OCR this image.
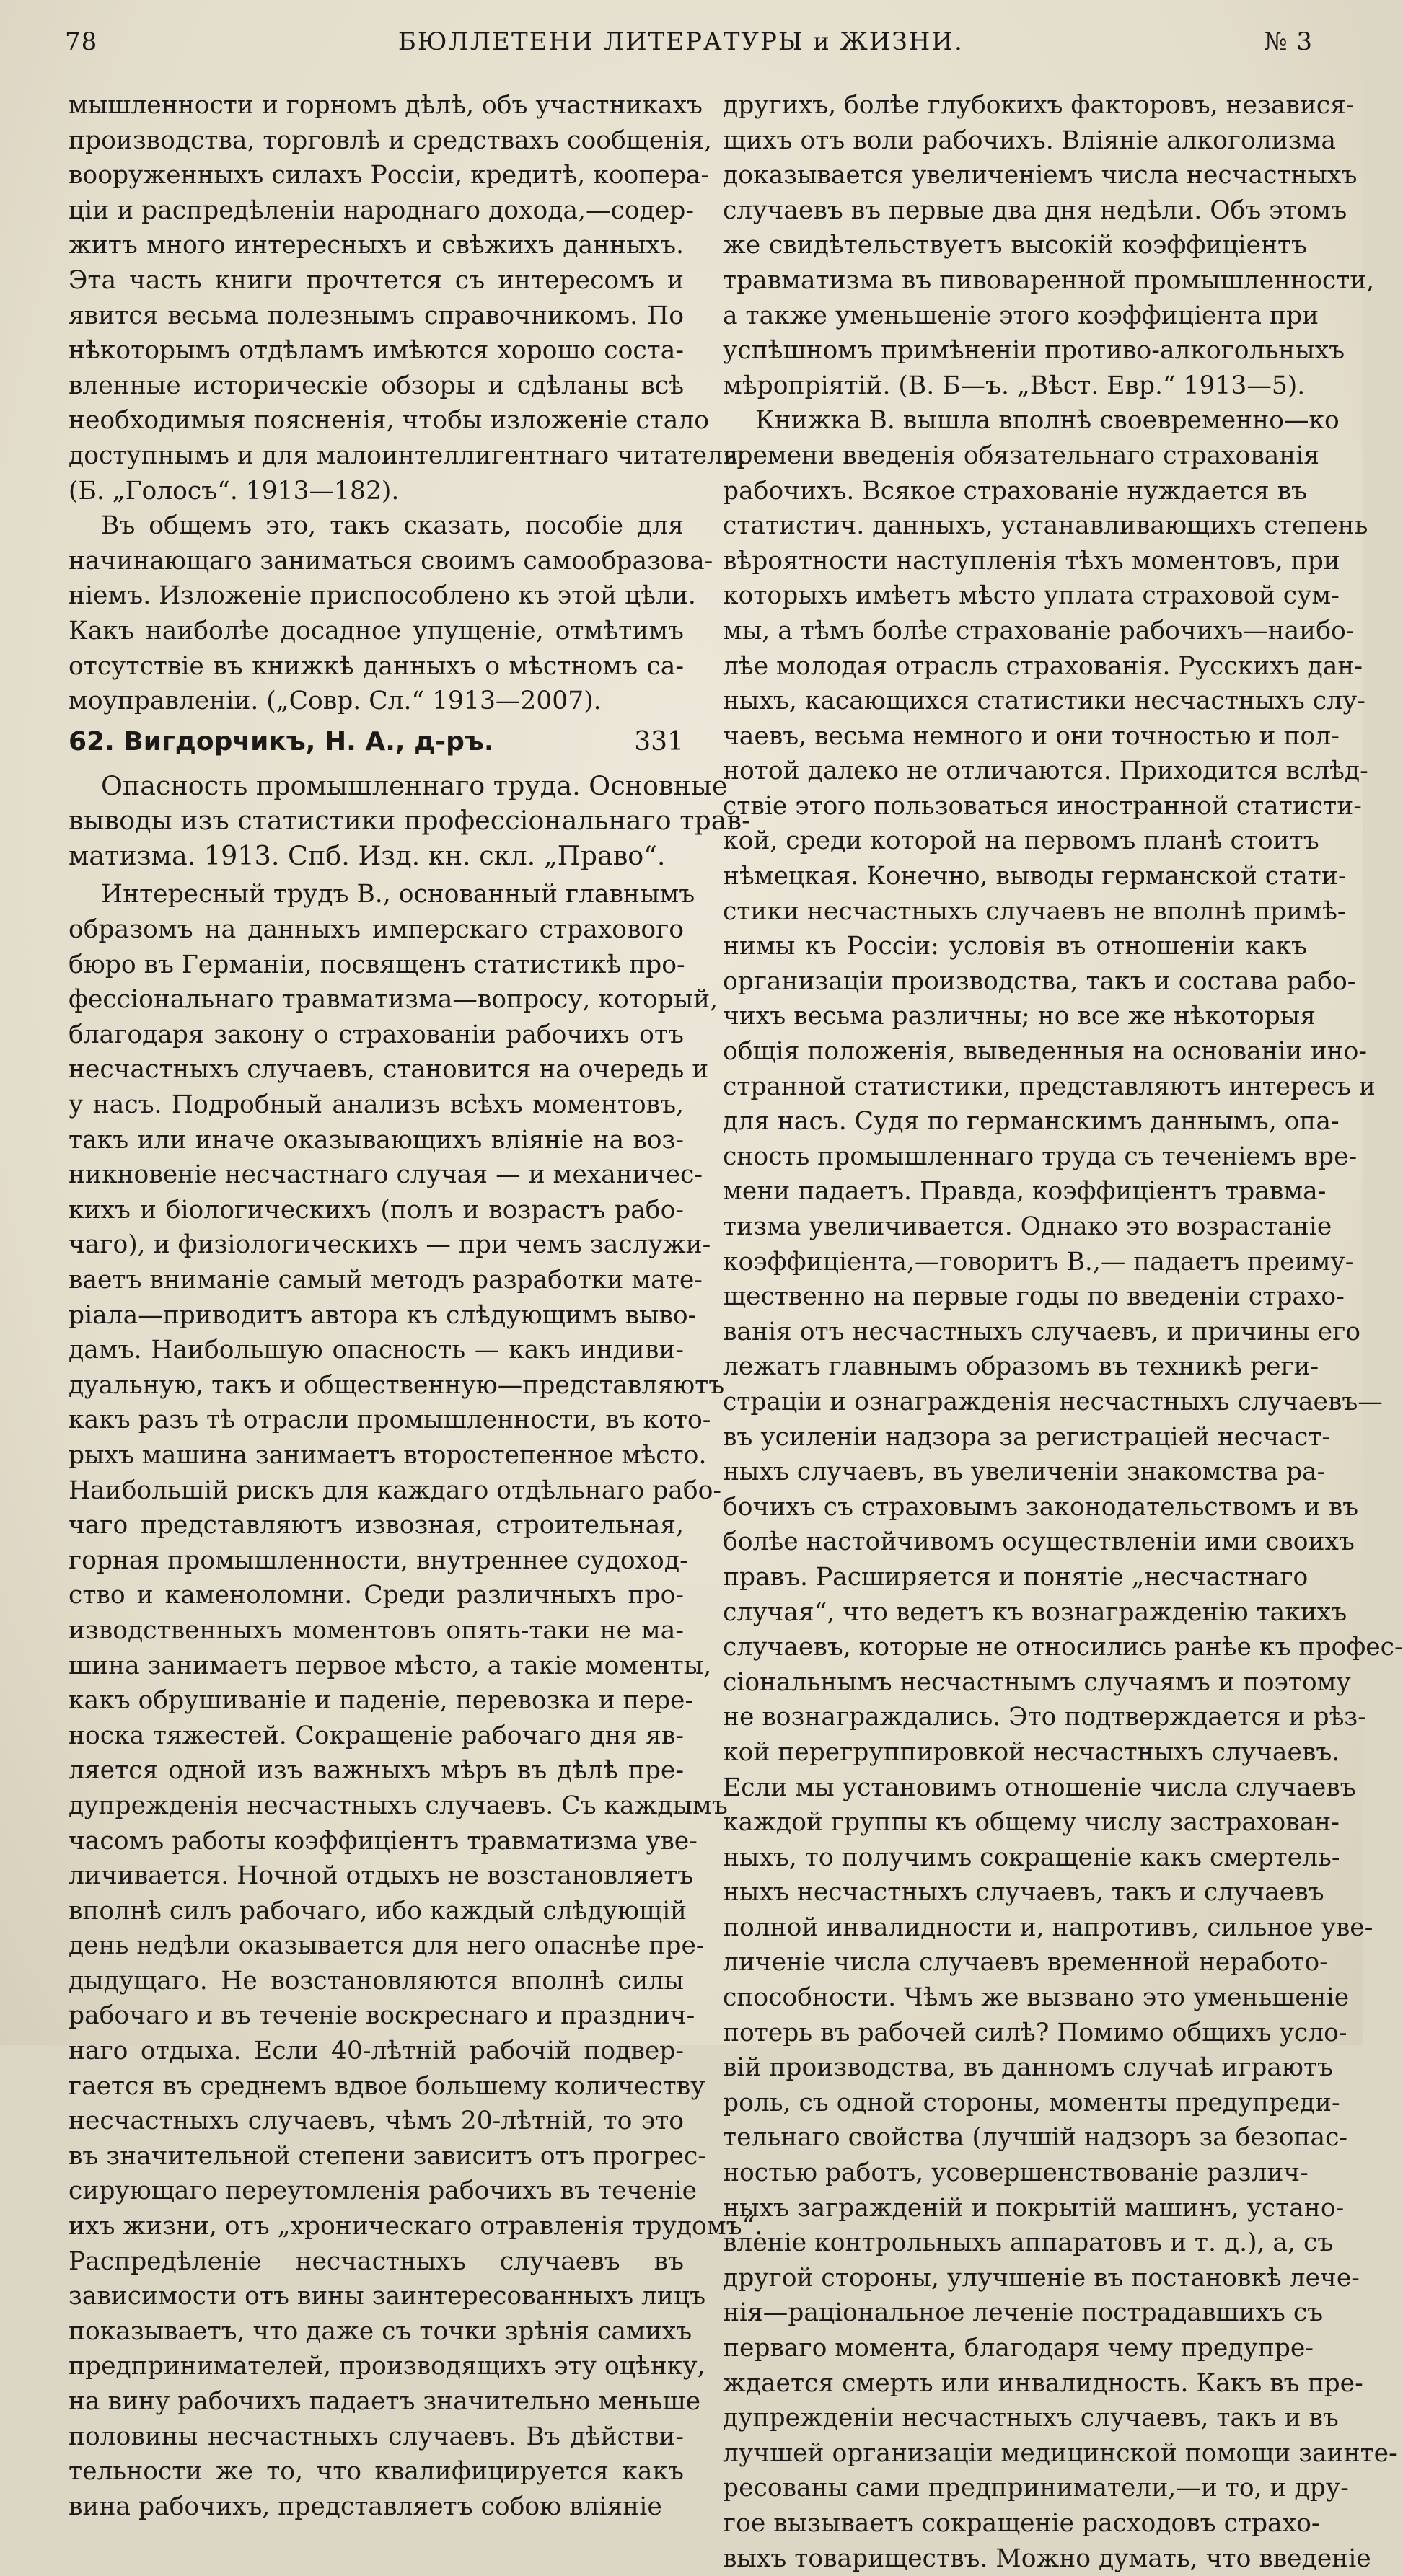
78	БЮЛЛЕТЕНИ ЛИТЕРАТУРЫ и ЖИЗНИ.	№ 3
мышленности и горномъ дѣлѣ, объ участникахъ
производства, торговлѣ и средствахъ сообщенія,
вооруженныхъ силахъ Россіи, кредитѣ, коопера-
ціи и распредѣленіи народнаго дохода,—содер-
житъ много интересныхъ и свѣжихъ данныхъ.
Эта часть книги прочтется съ интересомъ и
явится весьма полезнымъ справочникомъ. По
нѣкоторымъ отдѣламъ имѣются хорошо соста-
вленные историческіе обзоры и сдѣланы всѣ
необходимыя поясненія, чтобы изложеніе стало
доступнымъ и для малоинтеллигентнаго читателя.
(Б. „Голосъ“. 1913—182).
Въ общемъ это, такъ сказать, пособіе для
начинающаго заниматься своимъ самообразова-
ніемъ. Изложеніе приспособлено къ этой цѣли.
Какъ наиболѣе досадное упущеніе, отмѣтимъ
отсутствіе въ книжкѣ данныхъ о мѣстномъ са-
моуправленіи. („Совр. Сл.“ 1913—2007).
62. Вигдорчикъ, Н. А., д-ръ.	331
Опасность промышленнаго труда. Основные
выводы изъ статистики профессіональнаго трав-
матизма. 1913. Спб. Изд. кн. скл. „Право“.
Интересный трудъ В., основанный главнымъ
образомъ на данныхъ имперскаго страхового
бюро въ Германіи, посвященъ статистикѣ про-
фессіональнаго травматизма—вопросу, который,
благодаря закону о страхованіи рабочихъ отъ
несчастныхъ случаевъ, становится на очередь и
у насъ. Подробный анализъ всѣхъ моментовъ,
такъ или иначе оказывающихъ вліяніе на воз-
никновеніе несчастнаго случая — и механичес-
кихъ и біологическихъ (полъ и возрастъ рабо-
чаго), и физіологическихъ — при чемъ заслужи-
ваетъ вниманіе самый методъ разработки мате-
ріала—приводитъ автора къ слѣдующимъ выво-
дамъ. Наибольшую опасность — какъ индиви-
дуальную, такъ и общественную—представляютъ
какъ разъ тѣ отрасли промышленности, въ кото-
рыхъ машина занимаетъ второстепенное мѣсто.
Наибольшій рискъ для каждаго отдѣльнаго рабо-
чаго представляютъ извозная, строительная,
горная промышленности, внутреннее судоход-
ство и каменоломни. Среди различныхъ про-
изводственныхъ моментовъ опять-таки не ма-
шина занимаетъ первое мѣсто, а такіе моменты,
какъ обрушиваніе и паденіе, перевозка и пере-
носка тяжестей. Сокращеніе рабочаго дня яв-
ляется одной изъ важныхъ мѣръ въ дѣлѣ пре-
дупрежденія несчастныхъ случаевъ. Съ каждымъ
часомъ работы коэффиціентъ травматизма уве-
личивается. Ночной отдыхъ не возстановляетъ
вполнѣ силъ рабочаго, ибо каждый слѣдующій
день недѣли оказывается для него опаснѣе пре-
дыдущаго. Не возстановляются вполнѣ силы
рабочаго и въ теченіе воскреснаго и празднич-
наго отдыха. Если 40-лѣтній рабочій подвер-
гается въ среднемъ вдвое большему количеству
несчастныхъ случаевъ, чѣмъ 20-лѣтній, то это
въ значительной степени зависитъ отъ прогрес-
сирующаго переутомленія рабочихъ въ теченіе
ихъ жизни, отъ „хроническаго отравленія трудомъ“.
Распредѣленіе несчастныхъ случаевъ въ
зависимости отъ вины заинтересованныхъ лицъ
показываетъ, что даже съ точки зрѣнія самихъ
предпринимателей, производящихъ эту оцѣнку,
на вину рабочихъ падаетъ значительно меньше
половины несчастныхъ случаевъ. Въ дѣйстви-
тельности же то, что квалифицируется какъ
вина рабочихъ, представляетъ собою вліяніе
другихъ, болѣе глубокихъ факторовъ, независя-
щихъ отъ воли рабочихъ. Вліяніе алкоголизма
доказывается увеличеніемъ числа несчастныхъ
случаевъ въ первые два дня недѣли. Объ этомъ
же свидѣтельствуетъ высокій коэффиціентъ
травматизма въ пивоваренной промышленности,
а также уменьшеніе этого коэффиціента при
успѣшномъ примѣненіи противо-алкогольныхъ
мѣропріятій. (В. Б—ъ. „Вѣст. Евр.“ 1913—5).
Книжка В. вышла вполнѣ своевременно—ко
времени введенія обязательнаго страхованія
рабочихъ. Всякое страхованіе нуждается въ
статистич. данныхъ, устанавливающихъ степень
вѣроятности наступленія тѣхъ моментовъ, при
которыхъ имѣетъ мѣсто уплата страховой сум-
мы, а тѣмъ болѣе страхованіе рабочихъ—наибо-
лѣе молодая отрасль страхованія. Русскихъ дан-
ныхъ, касающихся статистики несчастныхъ слу-
чаевъ, весьма немного и они точностью и пол-
нотой далеко не отличаются. Приходится вслѣд-
ствіе этого пользоваться иностранной статисти-
кой, среди которой на первомъ планѣ стоитъ
нѣмецкая. Конечно, выводы германской стати-
стики несчастныхъ случаевъ не вполнѣ примѣ-
нимы къ Россіи: условія въ отношеніи какъ
организаціи производства, такъ и состава рабо-
чихъ весьма различны; но все же нѣкоторыя
общія положенія, выведенныя на основаніи ино-
странной статистики, представляютъ интересъ и
для насъ. Судя по германскимъ даннымъ, опа-
сность промышленнаго труда съ теченіемъ вре-
мени падаетъ. Правда, коэффиціентъ травма-
тизма увеличивается. Однако это возрастаніе
коэффиціента,—говоритъ В.,— падаетъ преиму-
щественно на первые годы по введеніи страхо-
ванія отъ несчастныхъ случаевъ, и причины его
лежатъ главнымъ образомъ въ техникѣ реги-
страціи и ознагражденія несчастныхъ случаевъ—
въ усиленіи надзора за регистраціей несчаст-
ныхъ случаевъ, въ увеличеніи знакомства ра-
бочихъ съ страховымъ законодательствомъ и въ
болѣе настойчивомъ осуществленіи ими своихъ
правъ. Расширяется и понятіе „несчастнаго
случая“, что ведетъ къ вознагражденію такихъ
случаевъ, которые не относились ранѣе къ профес-
сіональнымъ несчастнымъ случаямъ и поэтому
не вознаграждались. Это подтверждается и рѣз-
кой перегруппировкой несчастныхъ случаевъ.
Если мы установимъ отношеніе числа случаевъ
каждой группы къ общему числу застрахован-
ныхъ, то получимъ сокращеніе какъ смертель-
ныхъ несчастныхъ случаевъ, такъ и случаевъ
полной инвалидности и, напротивъ, сильное уве-
личеніе числа случаевъ временной неработо-
способности. Чѣмъ же вызвано это уменьшеніе
потерь въ рабочей силѣ? Помимо общихъ усло-
вій производства, въ данномъ случаѣ играютъ
роль, съ одной стороны, моменты предупреди-
тельнаго свойства (лучшій надзоръ за безопас-
ностью работъ, усовершенствованіе различ-
ныхъ загражденій и покрытій машинъ, устано-
вленіе контрольныхъ аппаратовъ и т. д.), а, съ
другой стороны, улучшеніе въ постановкѣ лече-
нія—раціональное леченіе пострадавшихъ съ
перваго момента, благодаря чему предупре-
ждается смерть или инвалидность. Какъ въ пре-
дупрежденіи несчастныхъ случаевъ, такъ и въ
лучшей организаціи медицинской помощи заинте-
ресованы сами предприниматели,—и то, и дру-
гое вызываетъ сокращеніе расходовъ страхо-
выхъ товариществъ. Можно думать, что введеніе
